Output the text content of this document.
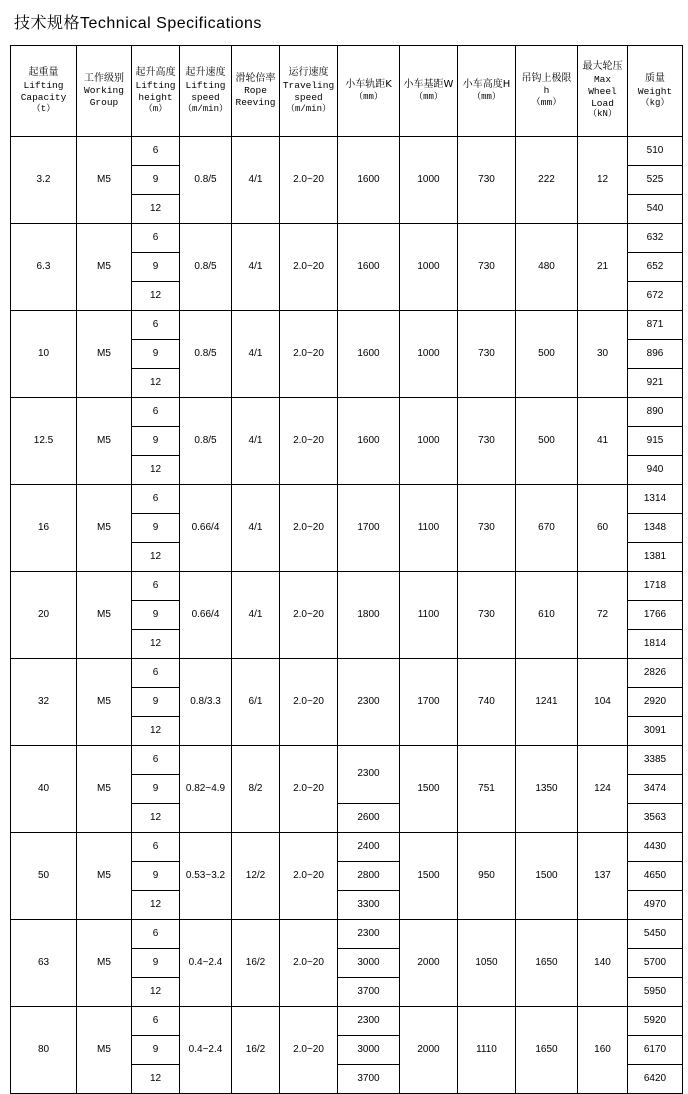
技术规格Technical Specifications
起重量
Lifting
Capacity
（t）	工作级别
Working
Group	起升高度
Lifting
height
（m）	起升速度
Lifting
speed
（m/min）	滑轮倍率
Rope
Reeving	运行速度
Traveling
speed
（m/min）	小车轨距K
（mm）	小车基距W
（mm）	小车高度H
（mm）	吊钩上极限
h
（mm）	最大轮压
Max
Wheel
Load
（kN）	质量
Weight
（kg）

3.2	M5	6	0.8/5	4/1	2.0~20	1600	1000	730	222	12	510
		9									525
		12									540
6.3	M5	6	0.8/5	4/1	2.0~20	1600	1000	730	480	21	632
		9									652
		12									672
10	M5	6	0.8/5	4/1	2.0~20	1600	1000	730	500	30	871
		9									896
		12									921
12.5	M5	6	0.8/5	4/1	2.0~20	1600	1000	730	500	41	890
		9									915
		12									940
16	M5	6	0.66/4	4/1	2.0~20	1700	1100	730	670	60	1314
		9									1348
		12									1381
20	M5	6	0.66/4	4/1	2.0~20	1800	1100	730	610	72	1718
		9									1766
		12									1814
32	M5	6	0.8/3.3	6/1	2.0~20	2300	1700	740	1241	104	2826
		9									2920
		12									3091
40	M5	6	0.82~4.9	8/2	2.0~20	2300	1500	751	1350	124	3385
		9									3474
		12				2600					3563
50	M5	6	0.53~3.2	12/2	2.0~20	2400	1500	950	1500	137	4430
		9				2800					4650
		12				3300					4970
63	M5	6	0.4~2.4	16/2	2.0~20	2300	2000	1050	1650	140	5450
		9				3000					5700
		12				3700					5950
80	M5	6	0.4~2.4	16/2	2.0~20	2300	2000	1110	1650	160	5920
		9				3000					6170
		12				3700					6420
